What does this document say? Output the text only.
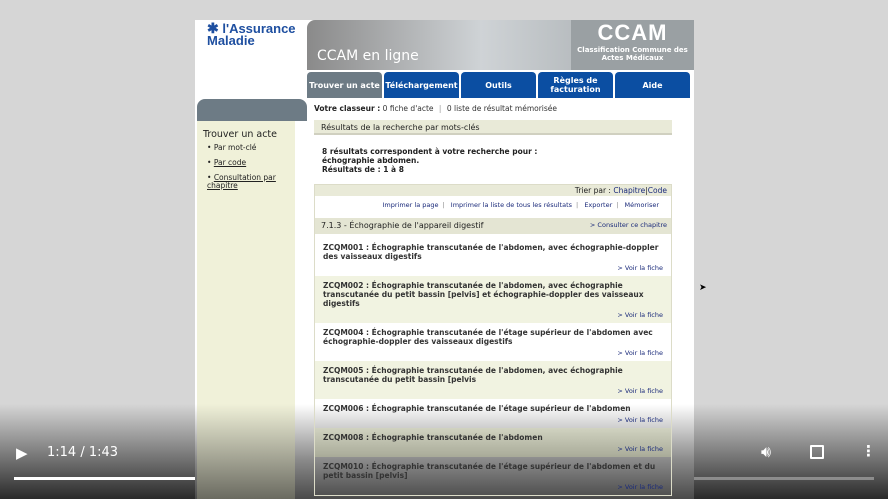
✱ l'Assurance Maladie
CCAM en ligne
CCAM
Classification Commune des Actes Médicaux
Trouver un acte Téléchargement	Outils	Règles de facturation	Aide
Trouver un acte
• Par mot-clé
• Par code
• Consultation par chapitre
Votre classeur : 0 fiche d'acte | 0 liste de résultat mémorisée
Résultats de la recherche par mots-clés
8 résultats correspondent à votre recherche pour :
échographie abdomen.
Résultats de : 1 à 8
Trier par : Chapitre|Code
Imprimer la page | Imprimer la liste de tous les résultats | Exporter | Mémoriser
7.1.3 - Échographie de l'appareil digestif	> Consulter ce chapitre
ZCQM001 : Échographie transcutanée de l'abdomen, avec échographie-doppler des vaisseaux digestifs
> Voir la fiche
ZCQM002 : Échographie transcutanée de l'abdomen, avec échographie transcutanée du petit bassin [pelvis] et échographie-doppler des vaisseaux digestifs
> Voir la fiche
ZCQM004 : Échographie transcutanée de l'étage supérieur de l'abdomen avec échographie-doppler des vaisseaux digestifs
> Voir la fiche
ZCQM005 : Échographie transcutanée de l'abdomen, avec échographie transcutanée du petit bassin [pelvis
> Voir la fiche
ZCQM006 : Échographie transcutanée de l'étage supérieur de l'abdomen
> Voir la fiche
ZCQM008 : Échographie transcutanée de l'abdomen
> Voir la fiche
ZCQM010 : Échographie transcutanée de l'étage supérieur de l'abdomen et du petit bassin [pelvis]
> Voir la fiche
➤
▶ 1:14 / 1:43	🔊︎	⋮
